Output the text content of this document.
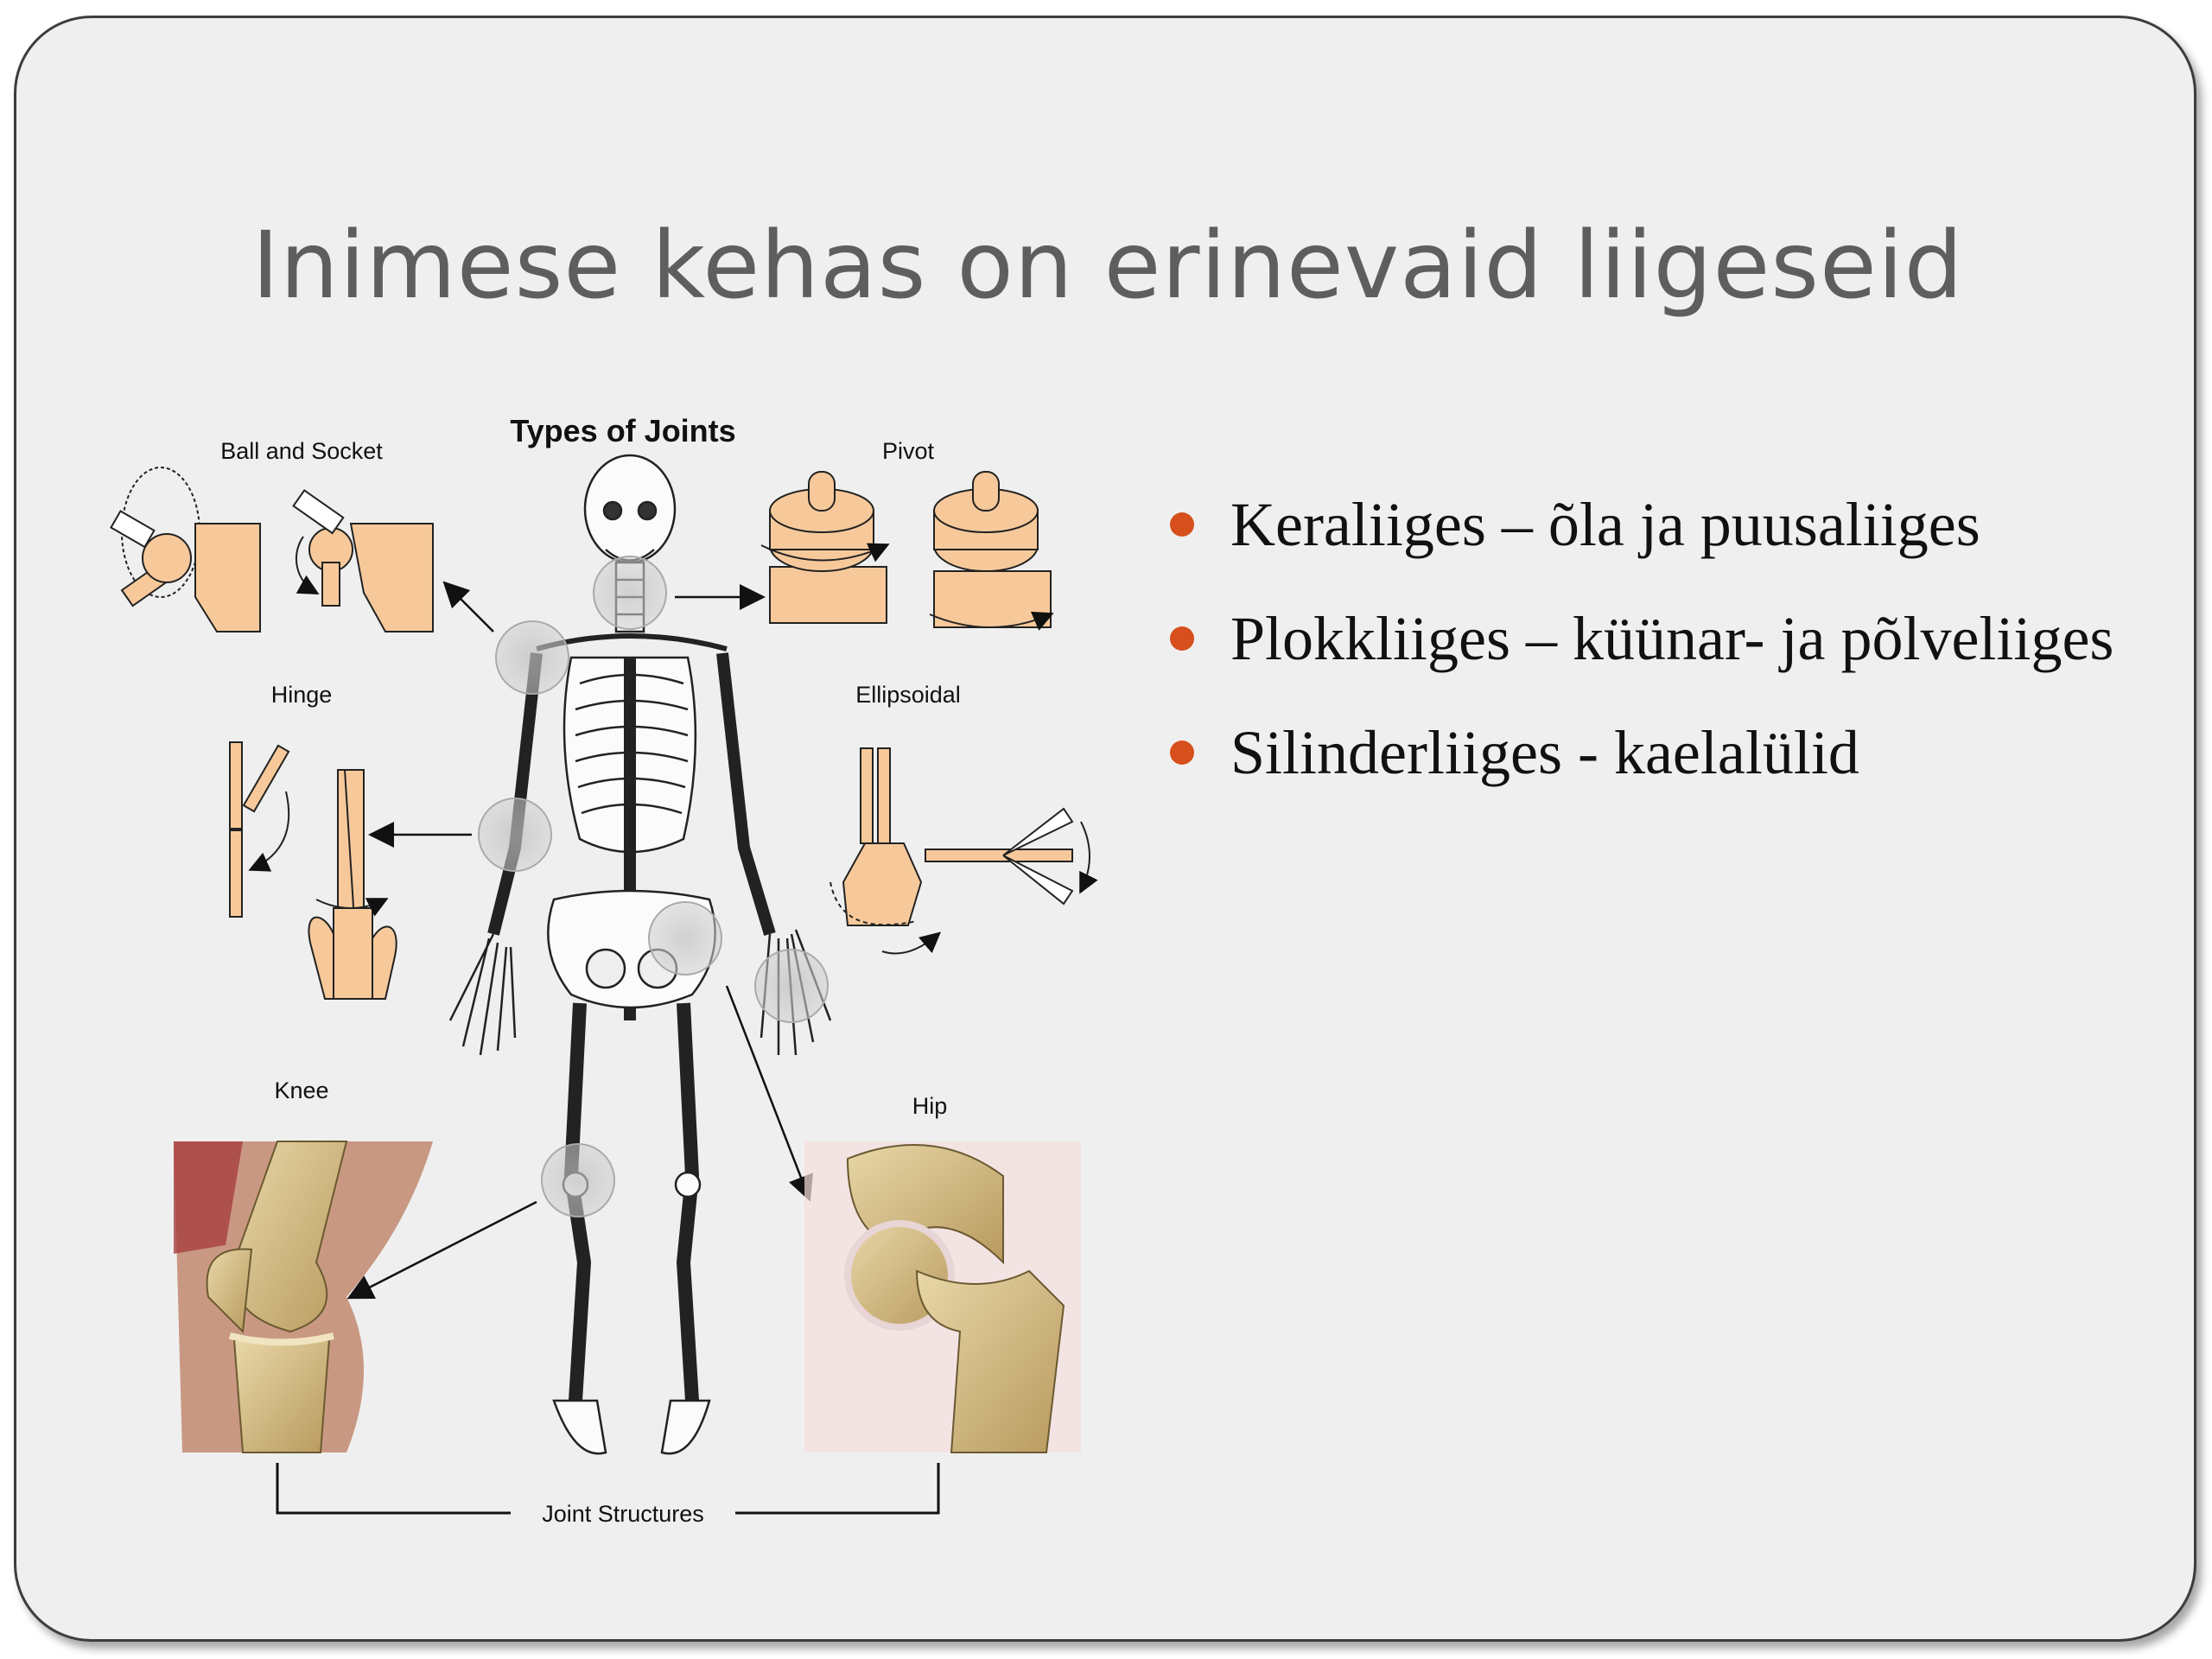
Inimese kehas on erinevaid liigeseid
Types of Joints
Ball and Socket	Pivot
Hinge	Ellipsoidal
Knee
Hip
Joint Structures
Keraliiges – õla ja puusaliiges
Plokkliiges – küünar- ja põlveliiges
Silinderliiges - kaelalülid
